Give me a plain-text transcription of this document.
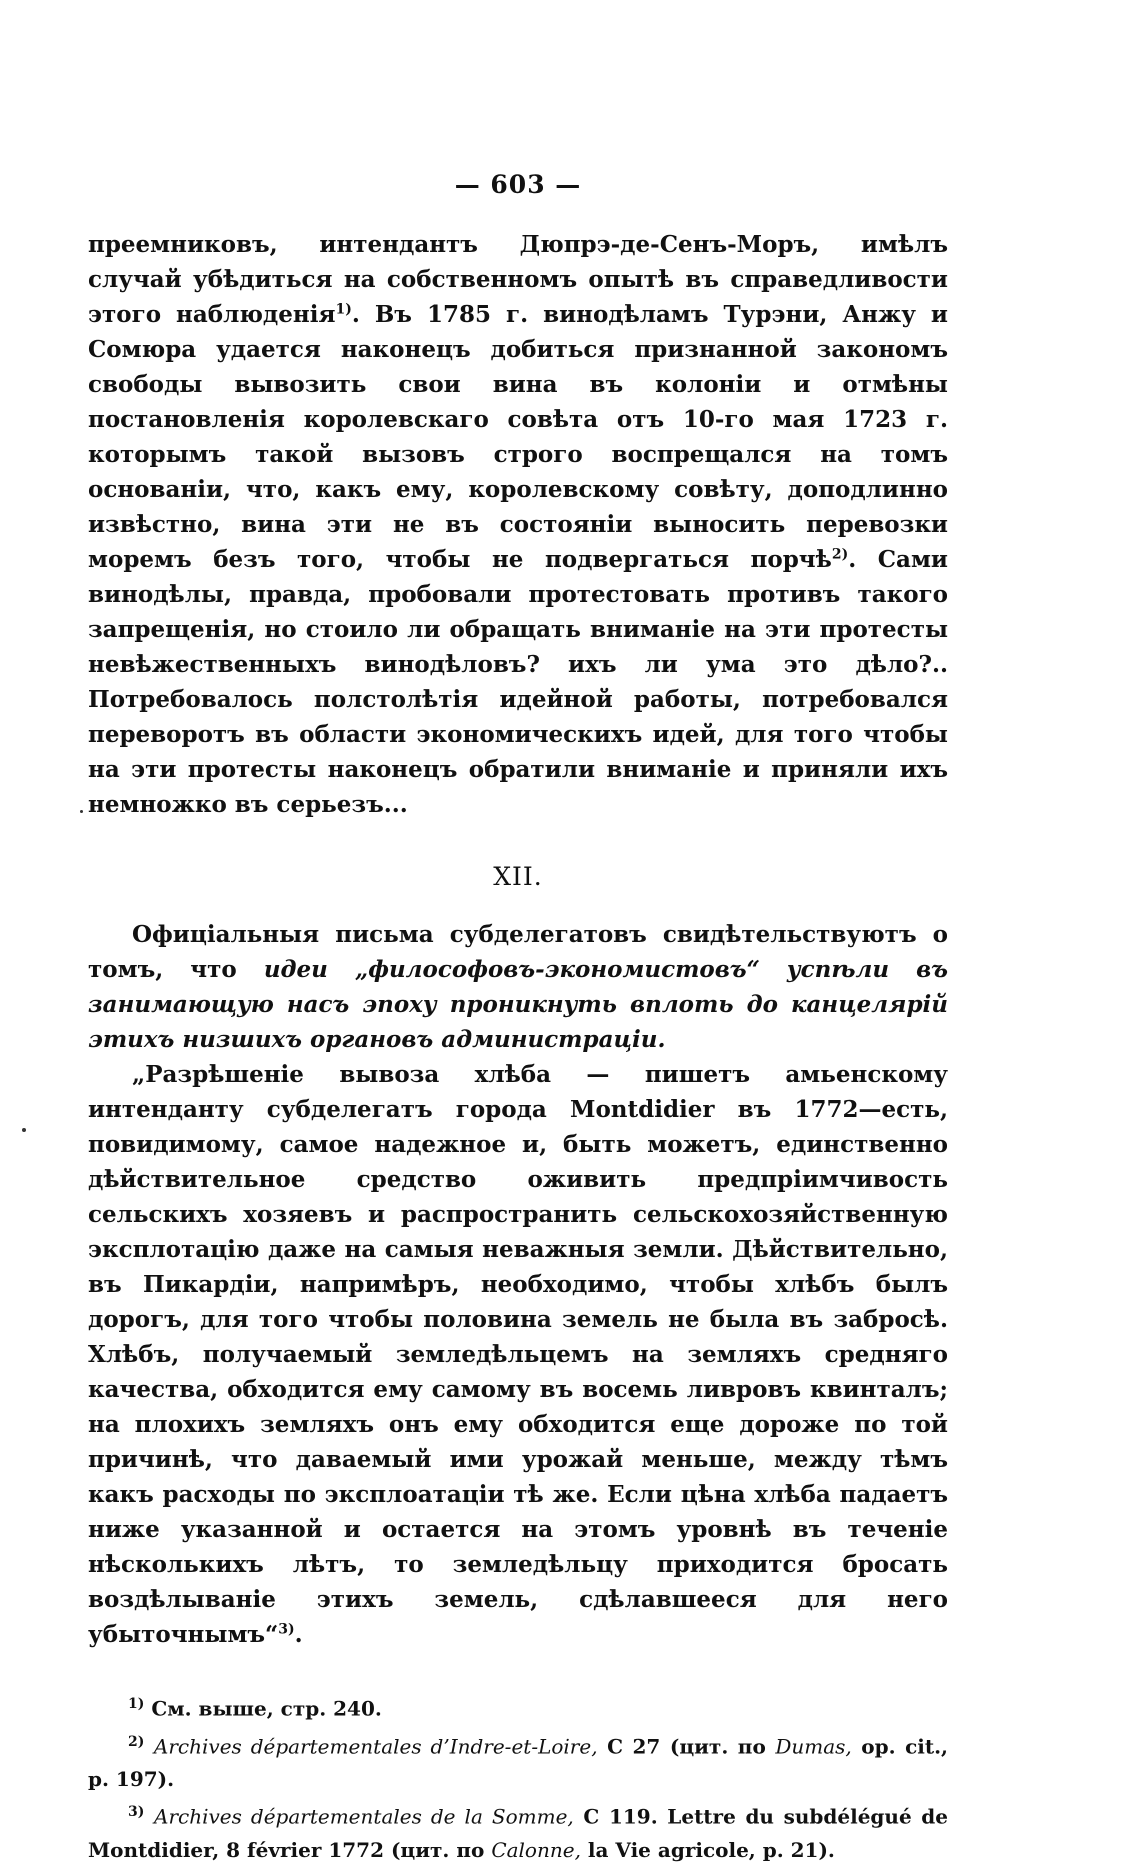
— 603 —

преемниковъ, интендантъ Дюпрэ-де-Сенъ-Моръ, имѣлъ случай убѣдиться на собственномъ опытѣ въ справедливости этого наблюденія$^{1)}$. Въ 1785 г. винодѣламъ Турэни, Анжу и Сомюра удается наконецъ добиться признанной закономъ свободы вывозить свои вина въ колоніи и отмѣны постановленія королевскаго совѣта отъ 10-го мая 1723 г. которымъ такой вызовъ строго воспрещался на томъ основаніи, что, какъ ему, королевскому совѣту, доподлинно извѣстно, вина эти не въ состояніи выносить перевозки моремъ безъ того, чтобы не подвергаться порчѣ$^{2)}$. Сами винодѣлы, правда, пробовали протестовать противъ такого запрещенія, но стоило ли обращать вниманіе на эти протесты невѣжественныхъ винодѣловъ? ихъ ли ума это дѣло?.. Потребовалось полстолѣтія идейной работы, потребовался переворотъ въ области экономическихъ идей, для того чтобы на эти протесты наконецъ обратили вниманіе и приняли ихъ немножко въ серьезъ...

XII.

Офиціальныя письма субделегатовъ свидѣтельствуютъ о томъ, что идеи „философовъ-экономистовъ“ успѣли въ занимающую насъ эпоху проникнуть вплоть до канцелярій этихъ низшихъ органовъ администраціи.

„Разрѣшеніе вывоза хлѣба — пишетъ амьенскому интенданту субделегатъ города Montdidier въ 1772—есть, повидимому, самое надежное и, быть можетъ, единственно дѣйствительное средство оживить предпріимчивость сельскихъ хозяевъ и распространить сельскохозяйственную эксплотацію даже на самыя неважныя земли. Дѣйствительно, въ Пикардіи, напримѣръ, необходимо, чтобы хлѣбъ былъ дорогъ, для того чтобы половина земель не была въ забросѣ. Хлѣбъ, получаемый земледѣльцемъ на земляхъ средняго качества, обходится ему самому въ восемь ливровъ квинталъ; на плохихъ земляхъ онъ ему обходится еще дороже по той причинѣ, что даваемый ими урожай меньше, между тѣмъ какъ расходы по эксплоатаціи тѣ же. Если цѣна хлѣба падаетъ ниже указанной и остается на этомъ уровнѣ въ теченіе нѣсколькихъ лѣтъ, то земледѣльцу приходится бросать воздѣлываніе этихъ земель, сдѣлавшееся для него убыточнымъ“$^{3)}$.

$^{1)}$ См. выше, стр. 240.

$^{2)}$ Archives départementales d’Indre-et-Loire, С 27 (цит. по Dumas, op. cit., p. 197).

$^{3)}$ Archives départementales de la Somme, С 119. Lettre du subdélégué de Montdidier, 8 février 1772 (цит. по Calonne, la Vie agricole, p. 21).
